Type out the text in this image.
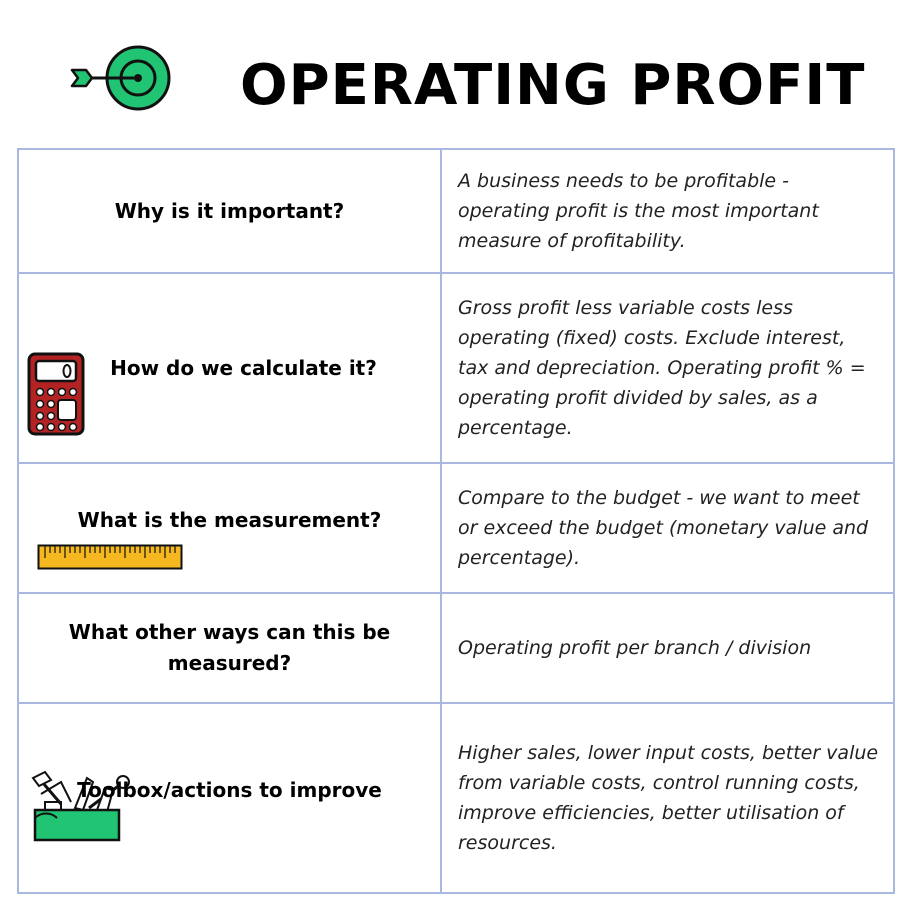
OPERATING PROFIT
Why is it important?	A business needs to be profitable - operating profit is the most important measure of profitability.

How do we calculate it?	Gross profit less variable costs less operating (fixed) costs. Exclude interest, tax and depreciation. Operating profit % = operating profit divided by sales, as a percentage.

What is the measurement?	Compare to the budget - we want to meet or exceed the budget (monetary value and percentage).

What other ways can this be measured?	Operating profit per branch / division

Toolbox/actions to improve	Higher sales, lower input costs, better value from variable costs, control running costs, improve efficiencies, better utilisation of resources.
